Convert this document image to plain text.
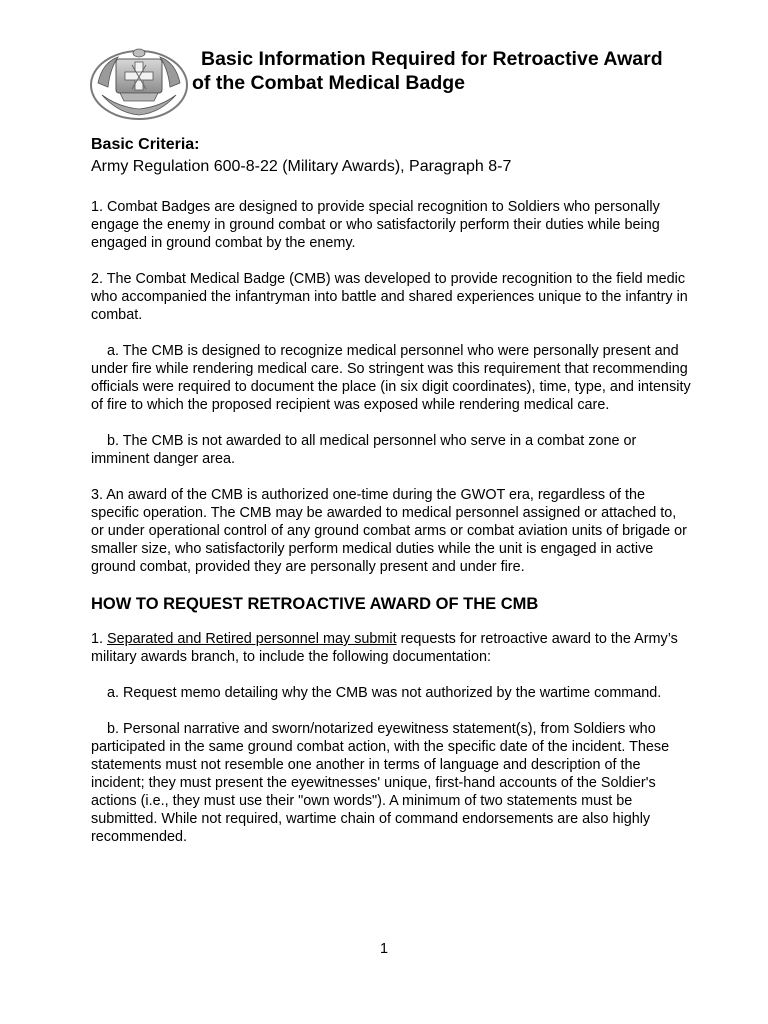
Basic Information Required for Retroactive Award
of the Combat Medical Badge
Basic Criteria:
Army Regulation 600-8-22 (Military Awards), Paragraph 8-7

1. Combat Badges are designed to provide special recognition to Soldiers who personally engage the enemy in ground combat or who satisfactorily perform their duties while being engaged in ground combat by the enemy.

2. The Combat Medical Badge (CMB) was developed to provide recognition to the field medic who accompanied the infantryman into battle and shared experiences unique to the infantry in combat.

a. The CMB is designed to recognize medical personnel who were personally present and under fire while rendering medical care. So stringent was this requirement that recommending officials were required to document the place (in six digit coordinates), time, type, and intensity of fire to which the proposed recipient was exposed while rendering medical care.

b. The CMB is not awarded to all medical personnel who serve in a combat zone or imminent danger area.

3. An award of the CMB is authorized one-time during the GWOT era, regardless of the specific operation. The CMB may be awarded to medical personnel assigned or attached to, or under operational control of any ground combat arms or combat aviation units of brigade or smaller size, who satisfactorily perform medical duties while the unit is engaged in active ground combat, provided they are personally present and under fire.

HOW TO REQUEST RETROACTIVE AWARD OF THE CMB

1. Separated and Retired personnel may submit requests for retroactive award to the Army’s military awards branch, to include the following documentation:

a. Request memo detailing why the CMB was not authorized by the wartime command.

b. Personal narrative and sworn/notarized eyewitness statement(s), from Soldiers who participated in the same ground combat action, with the specific date of the incident. These statements must not resemble one another in terms of language and description of the incident; they must present the eyewitnesses' unique, first-hand accounts of the Soldier's actions (i.e., they must use their "own words"). A minimum of two statements must be submitted. While not required, wartime chain of command endorsements are also highly recommended.

1
